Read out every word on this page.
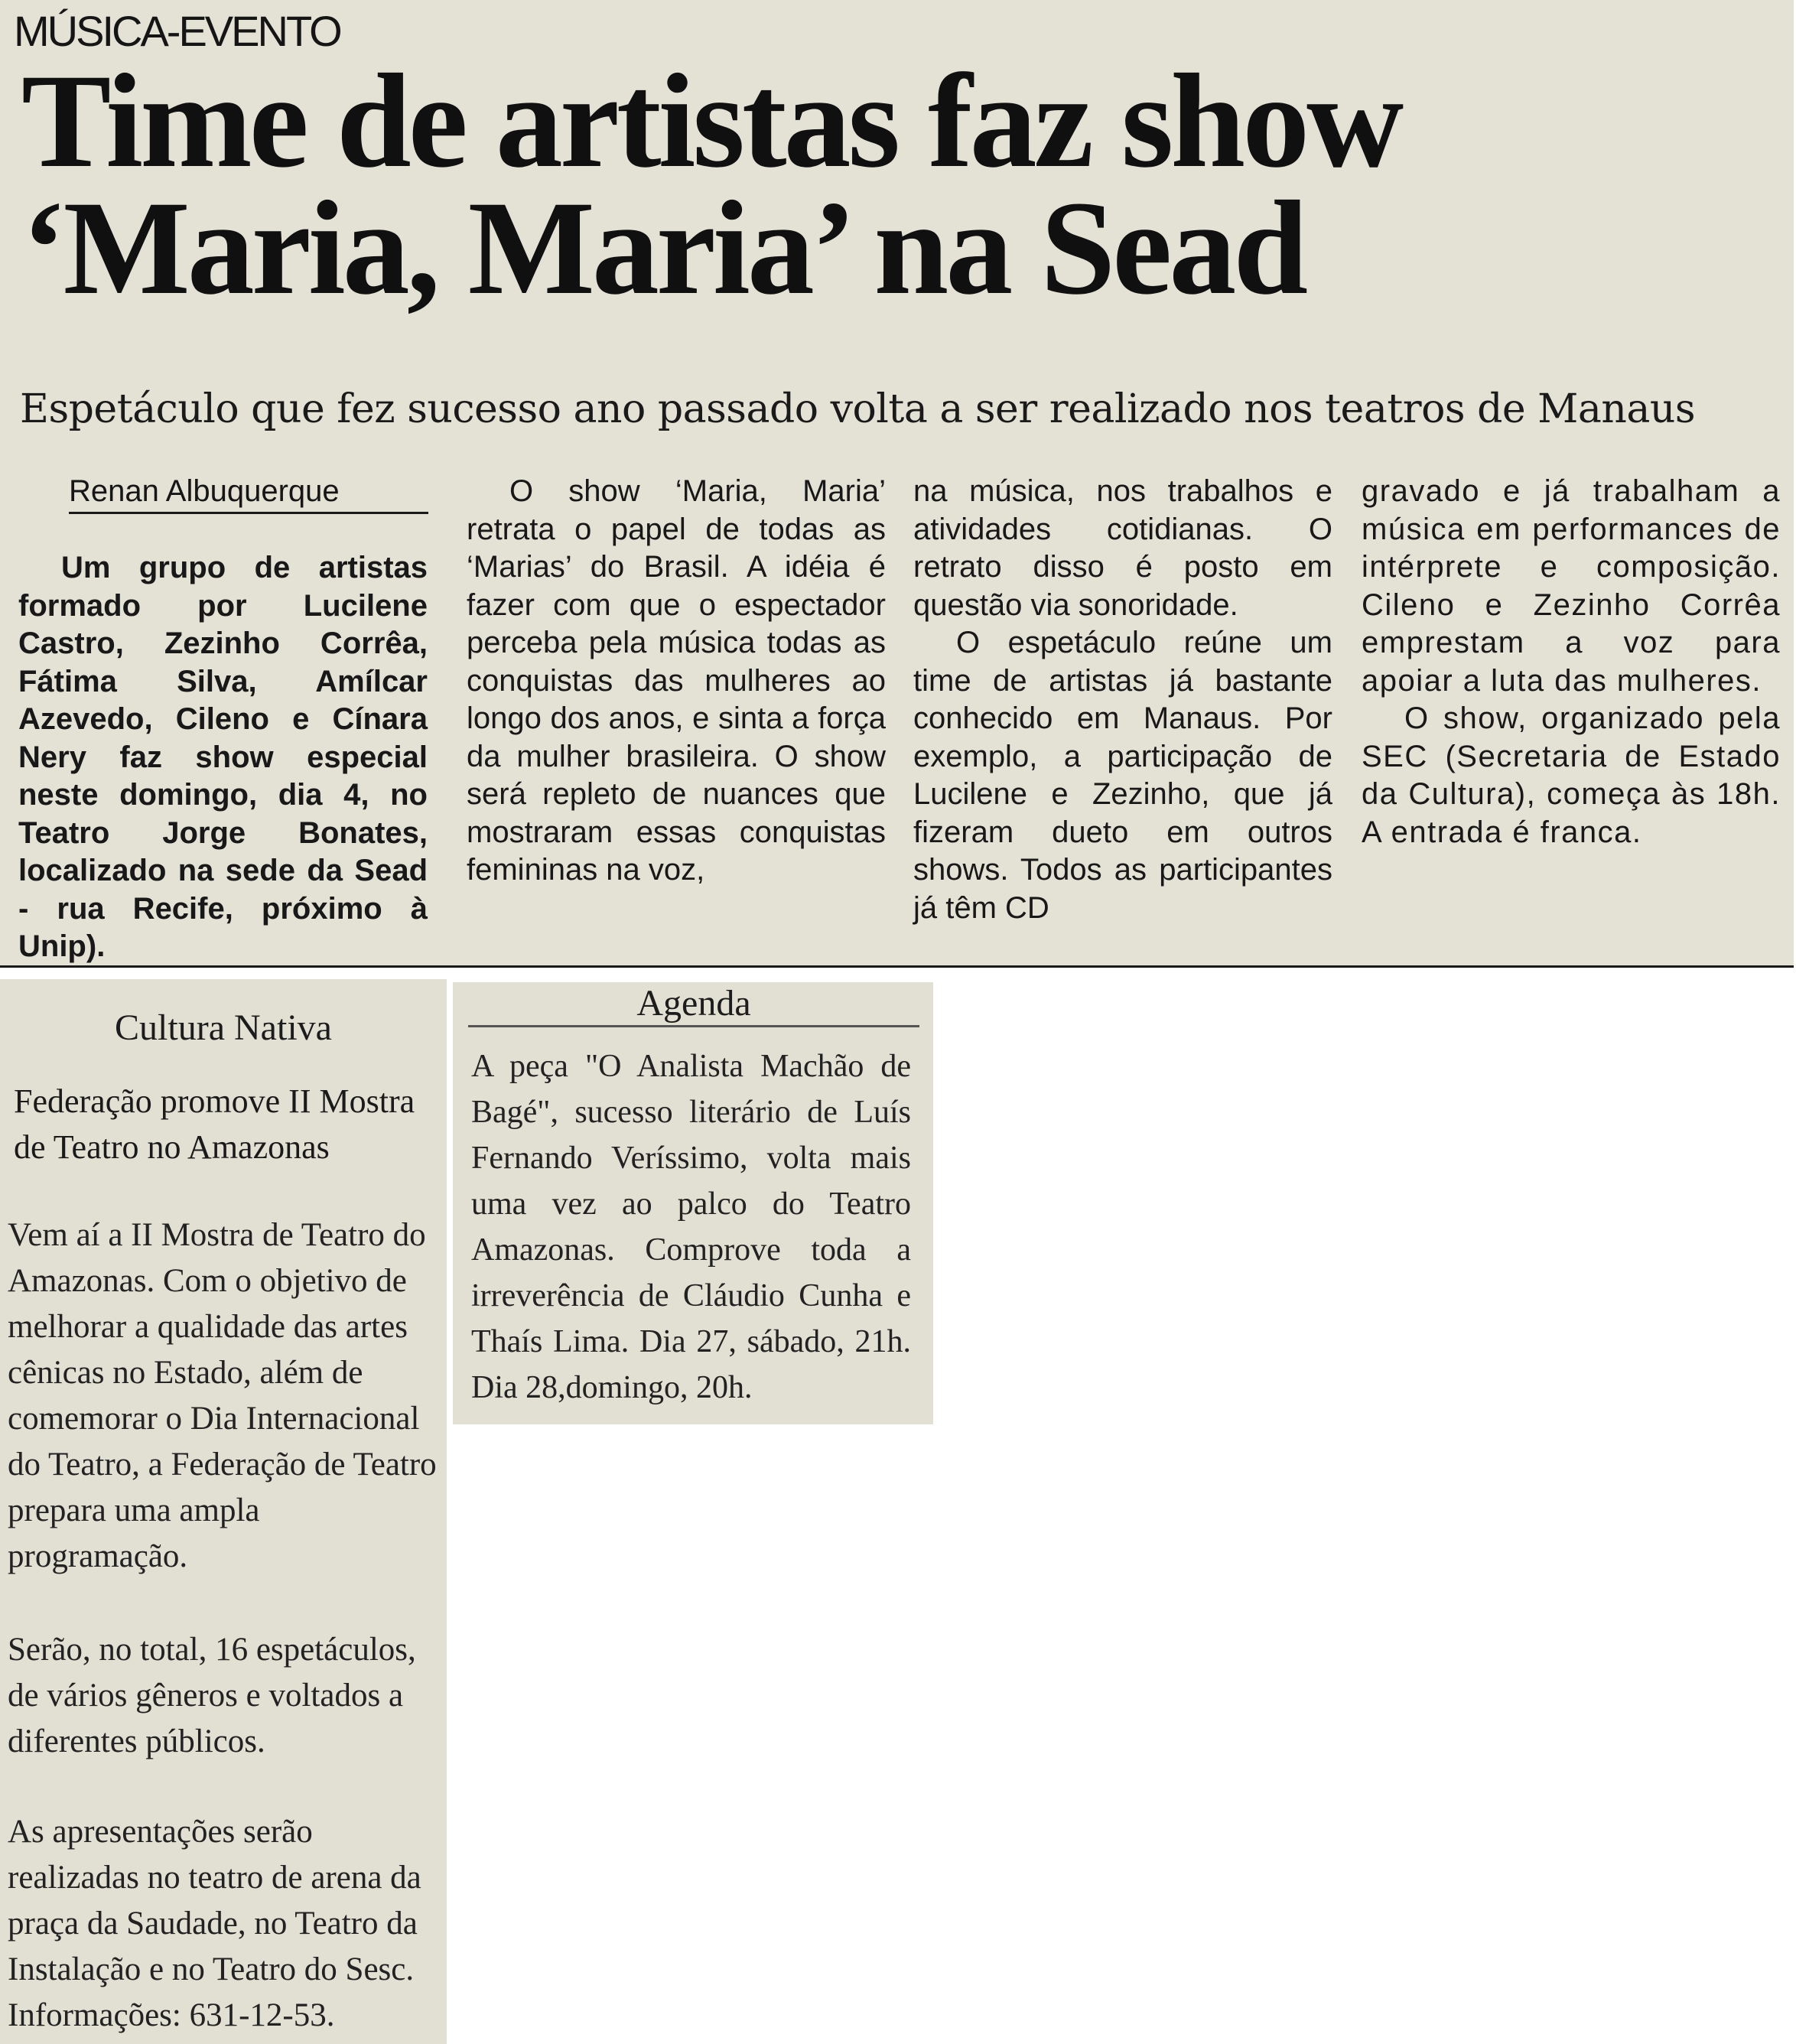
MÚSICA-EVENTO
Time de artistas faz show
‘Maria, Maria’ na Sead
Espetáculo que fez sucesso ano passado volta a ser realizado nos teatros de Manaus
Renan Albuquerque

Um grupo de artistas formado por Lucilene Castro, Zezinho Corrêa, Fátima Silva, Amílcar Azevedo, Cileno e Cínara Nery faz show especial neste domingo, dia 4, no Teatro Jorge Bonates, localizado na sede da Sead - rua Recife, próximo à Unip).

O show ‘Maria, Maria’ retrata o papel de todas as ‘Marias’ do Brasil. A idéia é fazer com que o espectador perceba pela música todas as conquistas das mulheres ao longo dos anos, e sinta a força da mulher brasileira. O show será repleto de nuances que mostraram essas conquistas femininas na voz,

na música, nos trabalhos e atividades cotidianas. O retrato disso é posto em questão via sonoridade.

O espetáculo reúne um time de artistas já bastante conhecido em Manaus. Por exemplo, a participação de Lucilene e Zezinho, que já fizeram dueto em outros shows. Todos as participantes já têm CD

gravado e já trabalham a música em performances de intérprete e composição. Cileno e Zezinho Corrêa emprestam a voz para apoiar a luta das mulheres.

O show, organizado pela SEC (Secretaria de Estado da Cultura), começa às 18h. A entrada é franca.

Cultura Nativa
Federação promove II Mostra de Teatro no Amazonas
Vem aí a II Mostra de Teatro do Amazonas. Com o objetivo de melhorar a qualidade das artes cênicas no Estado, além de comemorar o Dia Internacional do Teatro, a Federação de Teatro prepara uma ampla programação.
Serão, no total, 16 espetáculos, de vários gêneros e voltados a diferentes públicos.
As apresentações serão realizadas no teatro de arena da praça da Saudade, no Teatro da Instalação e no Teatro do Sesc. Informações: 631-12-53.
Agenda
A peça "O Analista Machão de Bagé", sucesso literário de Luís Fernando Veríssimo, volta mais uma vez ao palco do Teatro Amazonas. Comprove toda a irreverência de Cláudio Cunha e Thaís Lima. Dia 27, sábado, 21h. Dia 28,domingo, 20h.
